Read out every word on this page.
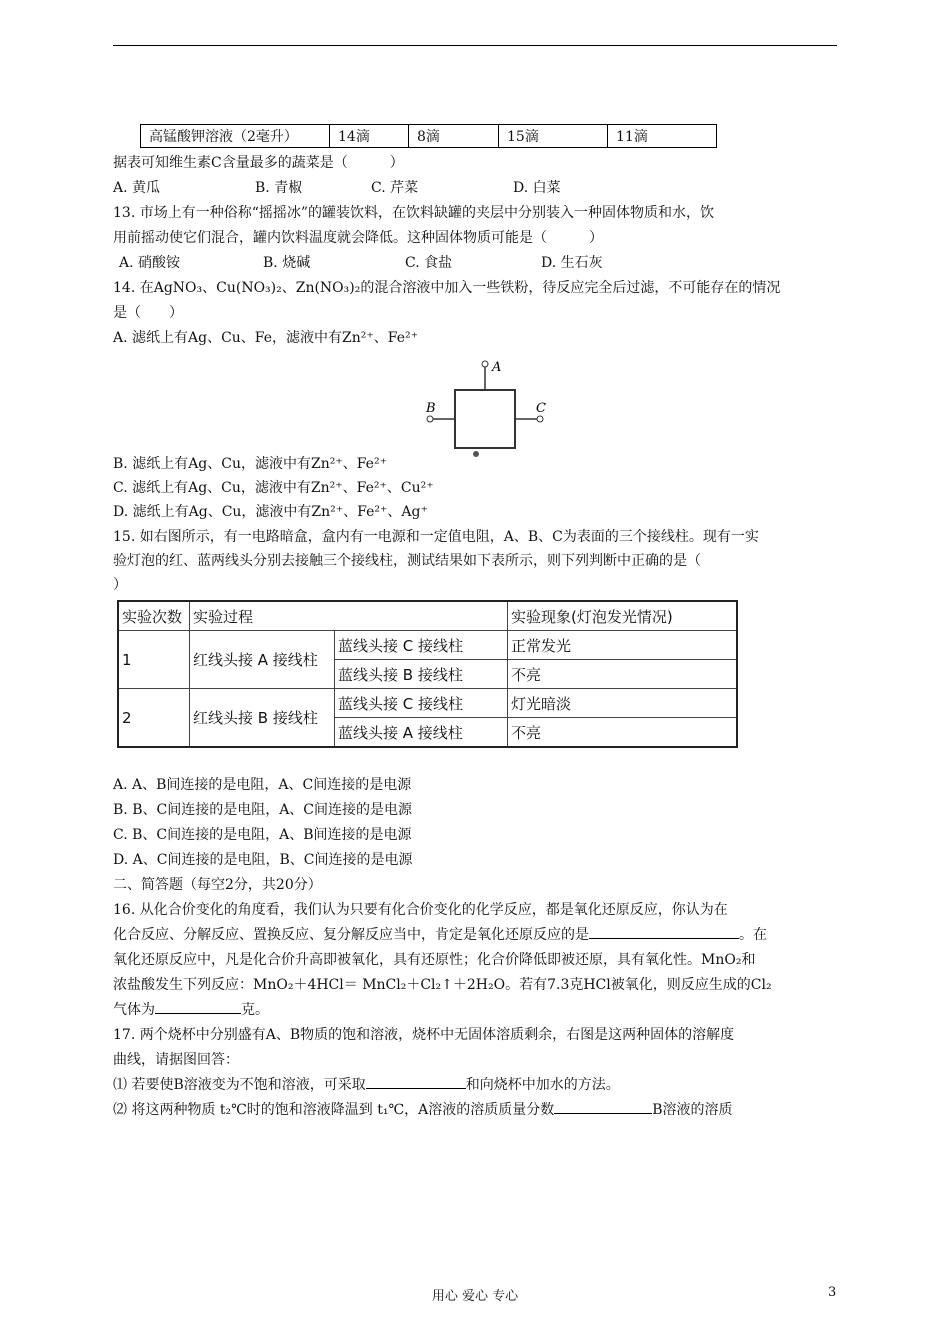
高锰酸钾溶液（2毫升）	14滴	8滴	15滴	11滴
据表可知维生素C含量最多的蔬菜是（　　　）
A. 黄瓜	B. 青椒	C. 芹菜	D. 白菜
13. 市场上有一种俗称“摇摇冰”的罐装饮料，在饮料缺罐的夹层中分别装入一种固体物质和水，饮
用前摇动使它们混合，罐内饮料温度就会降低。这种固体物质可能是（　　　）
A. 硝酸铵	B. 烧碱	C. 食盐	D. 生石灰
14. 在AgNO₃、Cu(NO₃)₂、Zn(NO₃)₂的混合溶液中加入一些铁粉，待反应完全后过滤，不可能存在的情况
是（　　）
A. 滤纸上有Ag、Cu、Fe，滤液中有Zn²⁺、Fe²⁺
A
B	C
B. 滤纸上有Ag、Cu，滤液中有Zn²⁺、Fe²⁺
C. 滤纸上有Ag、Cu，滤液中有Zn²⁺、Fe²⁺、Cu²⁺
D. 滤纸上有Ag、Cu，滤液中有Zn²⁺、Fe²⁺、Ag⁺
15. 如右图所示，有一电路暗盒，盒内有一电源和一定值电阻，A、B、C为表面的三个接线柱。现有一实
验灯泡的红、蓝两线头分别去接触三个接线柱，测试结果如下表所示，则下列判断中正确的是（
）
实验次数	实验过程		实验现象(灯泡发光情况)
1	红线头接 A 接线柱	蓝线头接 C 接线柱	正常发光
		蓝线头接 B 接线柱	不亮
2	红线头接 B 接线柱	蓝线头接 C 接线柱	灯光暗淡
		蓝线头接 A 接线柱	不亮
A. A、B间连接的是电阻，A、C间连接的是电源
B. B、C间连接的是电阻，A、C间连接的是电源
C. B、C间连接的是电阻，A、B间连接的是电源
D. A、C间连接的是电阻，B、C间连接的是电源
二、简答题（每空2分，共20分）
16. 从化合价变化的角度看，我们认为只要有化合价变化的化学反应，都是氧化还原反应，你认为在
化合反应、分解反应、置换反应、复分解反应当中，肯定是氧化还原反应的是	。在
氧化还原反应中，凡是化合价升高即被氧化，具有还原性；化合价降低即被还原，具有氧化性。MnO₂和
浓盐酸发生下列反应：MnO₂＋4HCl＝ MnCl₂＋Cl₂↑＋2H₂O。若有7.3克HCl被氧化，则反应生成的Cl₂
气体为	克。
17. 两个烧杯中分别盛有A、B物质的饱和溶液，烧杯中无固体溶质剩余，右图是这两种固体的溶解度
曲线，请据图回答：
⑴ 若要使B溶液变为不饱和溶液，可采取	和向烧杯中加水的方法。
⑵ 将这两种物质 t₂℃时的饱和溶液降温到 t₁℃，A溶液的溶质质量分数	B溶液的溶质
用心 爱心 专心	3
